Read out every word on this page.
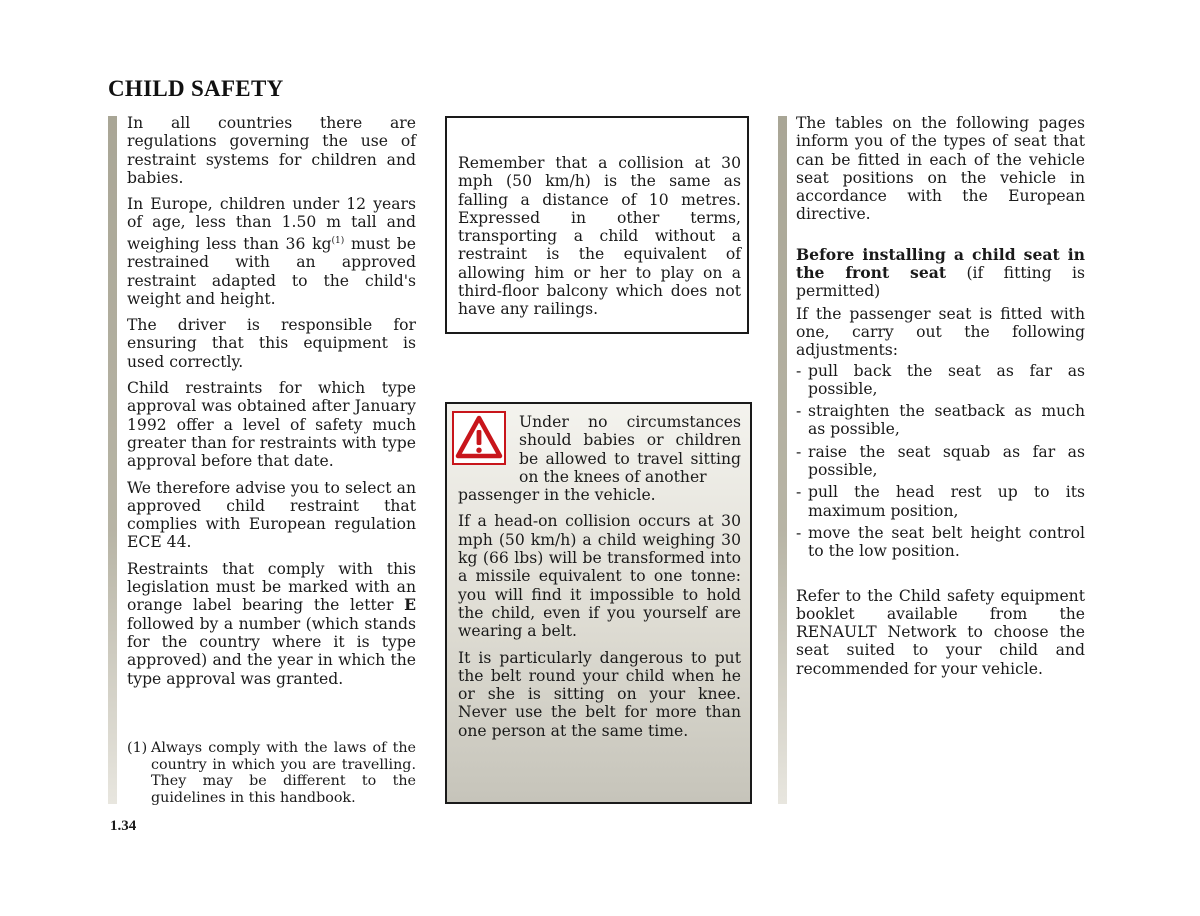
CHILD SAFETY

In all countries there are regulations governing the use of restraint systems for children and babies.

In Europe, children under 12 years of age, less than 1.50 m tall and weighing less than 36 $kg^{(1)}$ must be restrained with an approved restraint adapted to the child's weight and height.

The driver is responsible for ensuring that this equipment is used correctly.

Child restraints for which type approval was obtained after January 1992 offer a level of safety much greater than for restraints with type approval before that date.

We therefore advise you to select an approved child restraint that complies with European regulation ECE 44.

Restraints that comply with this legislation must be marked with an orange label bearing the letter E followed by a number (which stands for the country where it is type approved) and the year in which the type approval was granted.

(1) Always comply with the laws of the country in which you are travelling. They may be different to the guidelines in this handbook.
1.34
Remember that a collision at 30 mph (50 km/h) is the same as falling a distance of 10 metres. Expressed in other terms, transporting a child without a restraint is the equivalent of allowing him or her to play on a third-floor balcony which does not have any railings.

Under no circumstances should babies or children be allowed to travel sitting on the knees of another

passenger in the vehicle.

If a head-on collision occurs at 30 mph (50 km/h) a child weighing 30 kg (66 lbs) will be transformed into a missile equivalent to one tonne: you will find it impossible to hold the child, even if you yourself are wearing a belt.

It is particularly dangerous to put the belt round your child when he or she is sitting on your knee. Never use the belt for more than one person at the same time.

The tables on the following pages inform you of the types of seat that can be fitted in each of the vehicle seat positions on the vehicle in accordance with the European directive.

Before installing a child seat in the front seat (if fitting is permitted)

If the passenger seat is fitted with one, carry out the following adjustments:

- pull back the seat as far as possible,
- straighten the seatback as much as possible,
- raise the seat squab as far as possible,
- pull the head rest up to its maximum position,
- move the seat belt height control to the low position.

Refer to the Child safety equipment booklet available from the RENAULT Network to choose the seat suited to your child and recommended for your vehicle.
